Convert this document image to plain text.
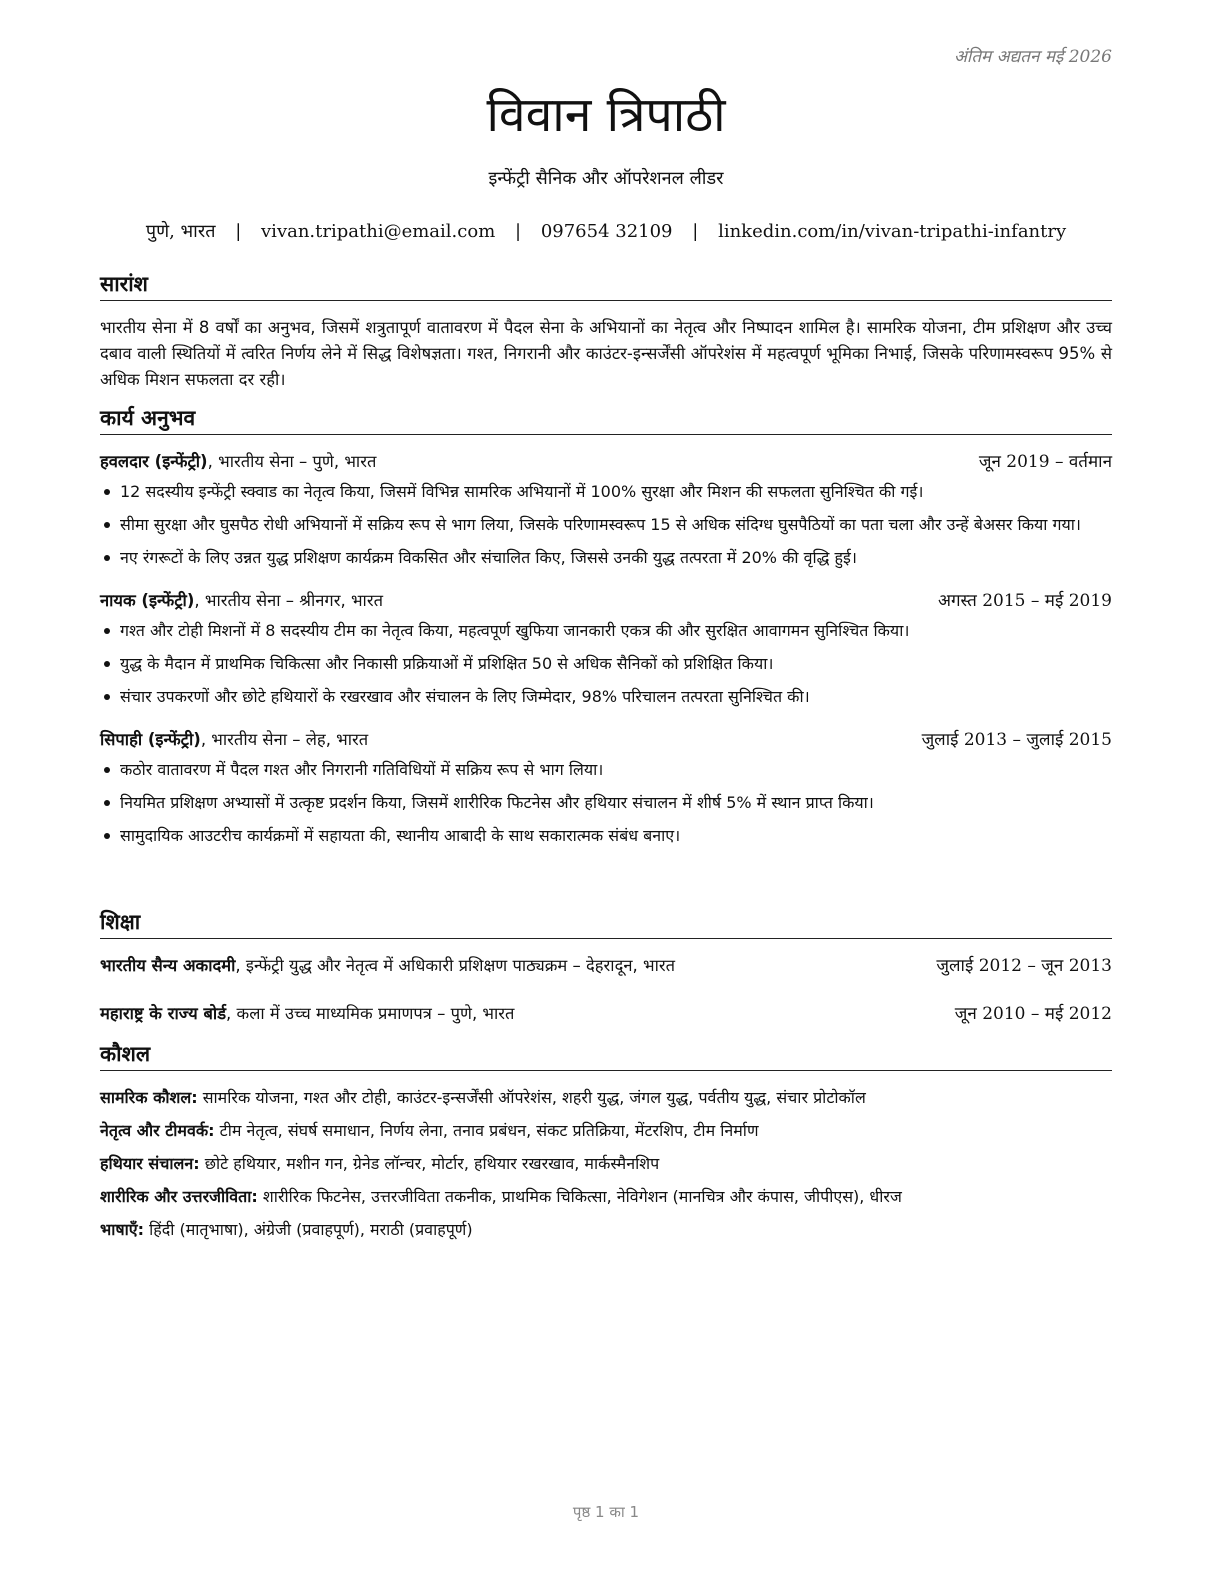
अंतिम अद्यतन मई 2026
विवान त्रिपाठी
इन्फेंट्री सैनिक और ऑपरेशनल लीडर
पुणे, भारत | vivan.tripathi@email.com | 097654 32109 | linkedin.com/in/vivan-tripathi-infantry
सारांश
भारतीय सेना में 8 वर्षों का अनुभव, जिसमें शत्रुतापूर्ण वातावरण में पैदल सेना के अभियानों का नेतृत्व और निष्पादन शामिल है। सामरिक योजना, टीम प्रशिक्षण और उच्च दबाव वाली स्थितियों में त्वरित निर्णय लेने में सिद्ध विशेषज्ञता। गश्त, निगरानी और काउंटर-इन्सर्जेंसी ऑपरेशंस में महत्वपूर्ण भूमिका निभाई, जिसके परिणामस्वरूप 95% से अधिक मिशन सफलता दर रही।
कार्य अनुभव
हवलदार (इन्फेंट्री), भारतीय सेना – पुणे, भारत	जून 2019 – वर्तमान
12 सदस्यीय इन्फेंट्री स्क्वाड का नेतृत्व किया, जिसमें विभिन्न सामरिक अभियानों में 100% सुरक्षा और मिशन की सफलता सुनिश्चित की गई।
सीमा सुरक्षा और घुसपैठ रोधी अभियानों में सक्रिय रूप से भाग लिया, जिसके परिणामस्वरूप 15 से अधिक संदिग्ध घुसपैठियों का पता चला और उन्हें बेअसर किया गया।
नए रंगरूटों के लिए उन्नत युद्ध प्रशिक्षण कार्यक्रम विकसित और संचालित किए, जिससे उनकी युद्ध तत्परता में 20% की वृद्धि हुई।
नायक (इन्फेंट्री), भारतीय सेना – श्रीनगर, भारत	अगस्त 2015 – मई 2019
गश्त और टोही मिशनों में 8 सदस्यीय टीम का नेतृत्व किया, महत्वपूर्ण खुफिया जानकारी एकत्र की और सुरक्षित आवागमन सुनिश्चित किया।
युद्ध के मैदान में प्राथमिक चिकित्सा और निकासी प्रक्रियाओं में प्रशिक्षित 50 से अधिक सैनिकों को प्रशिक्षित किया।
संचार उपकरणों और छोटे हथियारों के रखरखाव और संचालन के लिए जिम्मेदार, 98% परिचालन तत्परता सुनिश्चित की।
सिपाही (इन्फेंट्री), भारतीय सेना – लेह, भारत	जुलाई 2013 – जुलाई 2015
कठोर वातावरण में पैदल गश्त और निगरानी गतिविधियों में सक्रिय रूप से भाग लिया।
नियमित प्रशिक्षण अभ्यासों में उत्कृष्ट प्रदर्शन किया, जिसमें शारीरिक फिटनेस और हथियार संचालन में शीर्ष 5% में स्थान प्राप्त किया।
सामुदायिक आउटरीच कार्यक्रमों में सहायता की, स्थानीय आबादी के साथ सकारात्मक संबंध बनाए।
शिक्षा
भारतीय सैन्य अकादमी, इन्फेंट्री युद्ध और नेतृत्व में अधिकारी प्रशिक्षण पाठ्यक्रम – देहरादून, भारत	जुलाई 2012 – जून 2013
महाराष्ट्र के राज्य बोर्ड, कला में उच्च माध्यमिक प्रमाणपत्र – पुणे, भारत	जून 2010 – मई 2012
कौशल
सामरिक कौशल: सामरिक योजना, गश्त और टोही, काउंटर-इन्सर्जेंसी ऑपरेशंस, शहरी युद्ध, जंगल युद्ध, पर्वतीय युद्ध, संचार प्रोटोकॉल
नेतृत्व और टीमवर्क: टीम नेतृत्व, संघर्ष समाधान, निर्णय लेना, तनाव प्रबंधन, संकट प्रतिक्रिया, मेंटरशिप, टीम निर्माण
हथियार संचालन: छोटे हथियार, मशीन गन, ग्रेनेड लॉन्चर, मोर्टार, हथियार रखरखाव, मार्कस्मैनशिप
शारीरिक और उत्तरजीविता: शारीरिक फिटनेस, उत्तरजीविता तकनीक, प्राथमिक चिकित्सा, नेविगेशन (मानचित्र और कंपास, जीपीएस), धीरज
भाषाएँ: हिंदी (मातृभाषा), अंग्रेजी (प्रवाहपूर्ण), मराठी (प्रवाहपूर्ण)
पृष्ठ 1 का 1
